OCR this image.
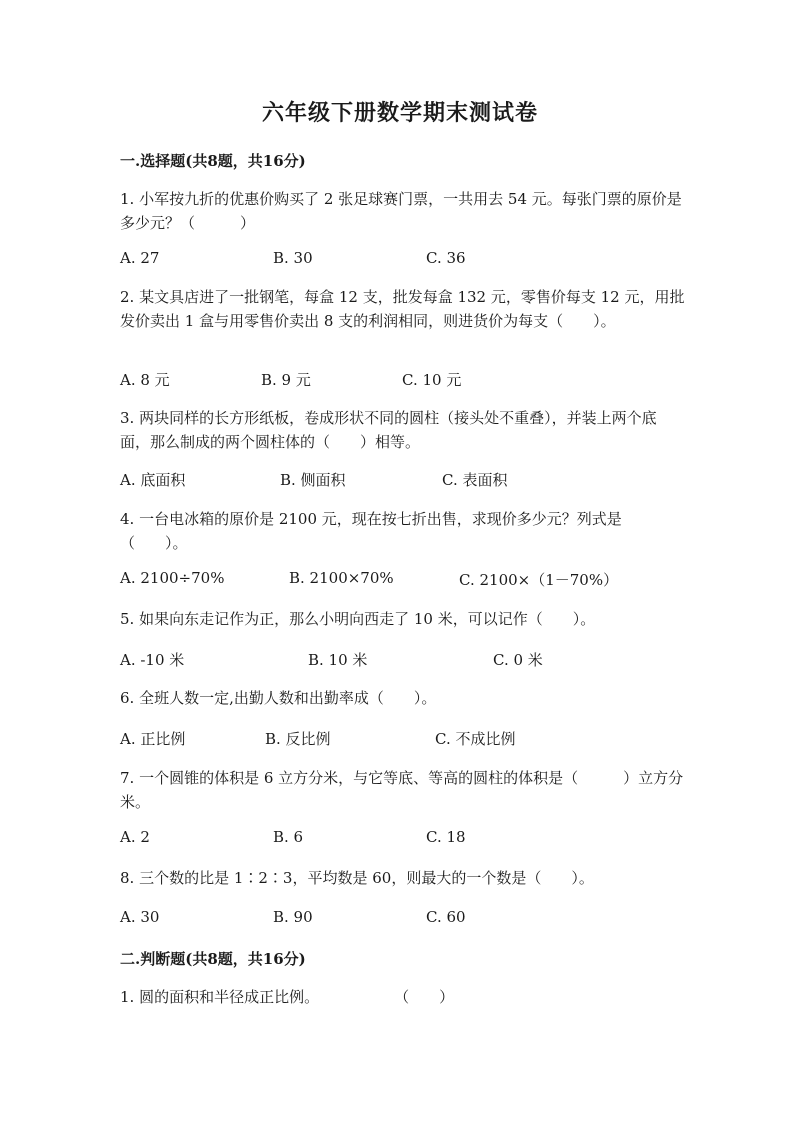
六年级下册数学期末测试卷
一.选择题(共8题，共16分)
1. 小军按九折的优惠价购买了 2 张足球赛门票，一共用去 54 元。每张门票的原价是多少元？（　　　）
A. 27	B. 30	C. 36
2. 某文具店进了一批钢笔，每盒 12 支，批发每盒 132 元，零售价每支 12 元，用批发价卖出 1 盒与用零售价卖出 8 支的利润相同，则进货价为每支（　　）。
A. 8 元	B. 9 元	C. 10 元
3. 两块同样的长方形纸板，卷成形状不同的圆柱（接头处不重叠），并装上两个底面，那么制成的两个圆柱体的（　　）相等。
A. 底面积	B. 侧面积	C. 表面积
4. 一台电冰箱的原价是 2100 元，现在按七折出售，求现价多少元？列式是（　　）。
A. 2100÷70%	B. 2100×70%	C. 2100×（1－70%）
5. 如果向东走记作为正，那么小明向西走了 10 米，可以记作（　　）。
A. -10 米	B. 10 米	C. 0 米
6. 全班人数一定,出勤人数和出勤率成（　　）。
A. 正比例	B. 反比例	C. 不成比例
7. 一个圆锥的体积是 6 立方分米，与它等底、等高的圆柱的体积是（　　　）立方分米。
A. 2	B. 6	C. 18
8. 三个数的比是 1∶2∶3，平均数是 60，则最大的一个数是（　　）。
A. 30	B. 90	C. 60
二.判断题(共8题，共16分)
1. 圆的面积和半径成正比例。　　　　　　（　　）
